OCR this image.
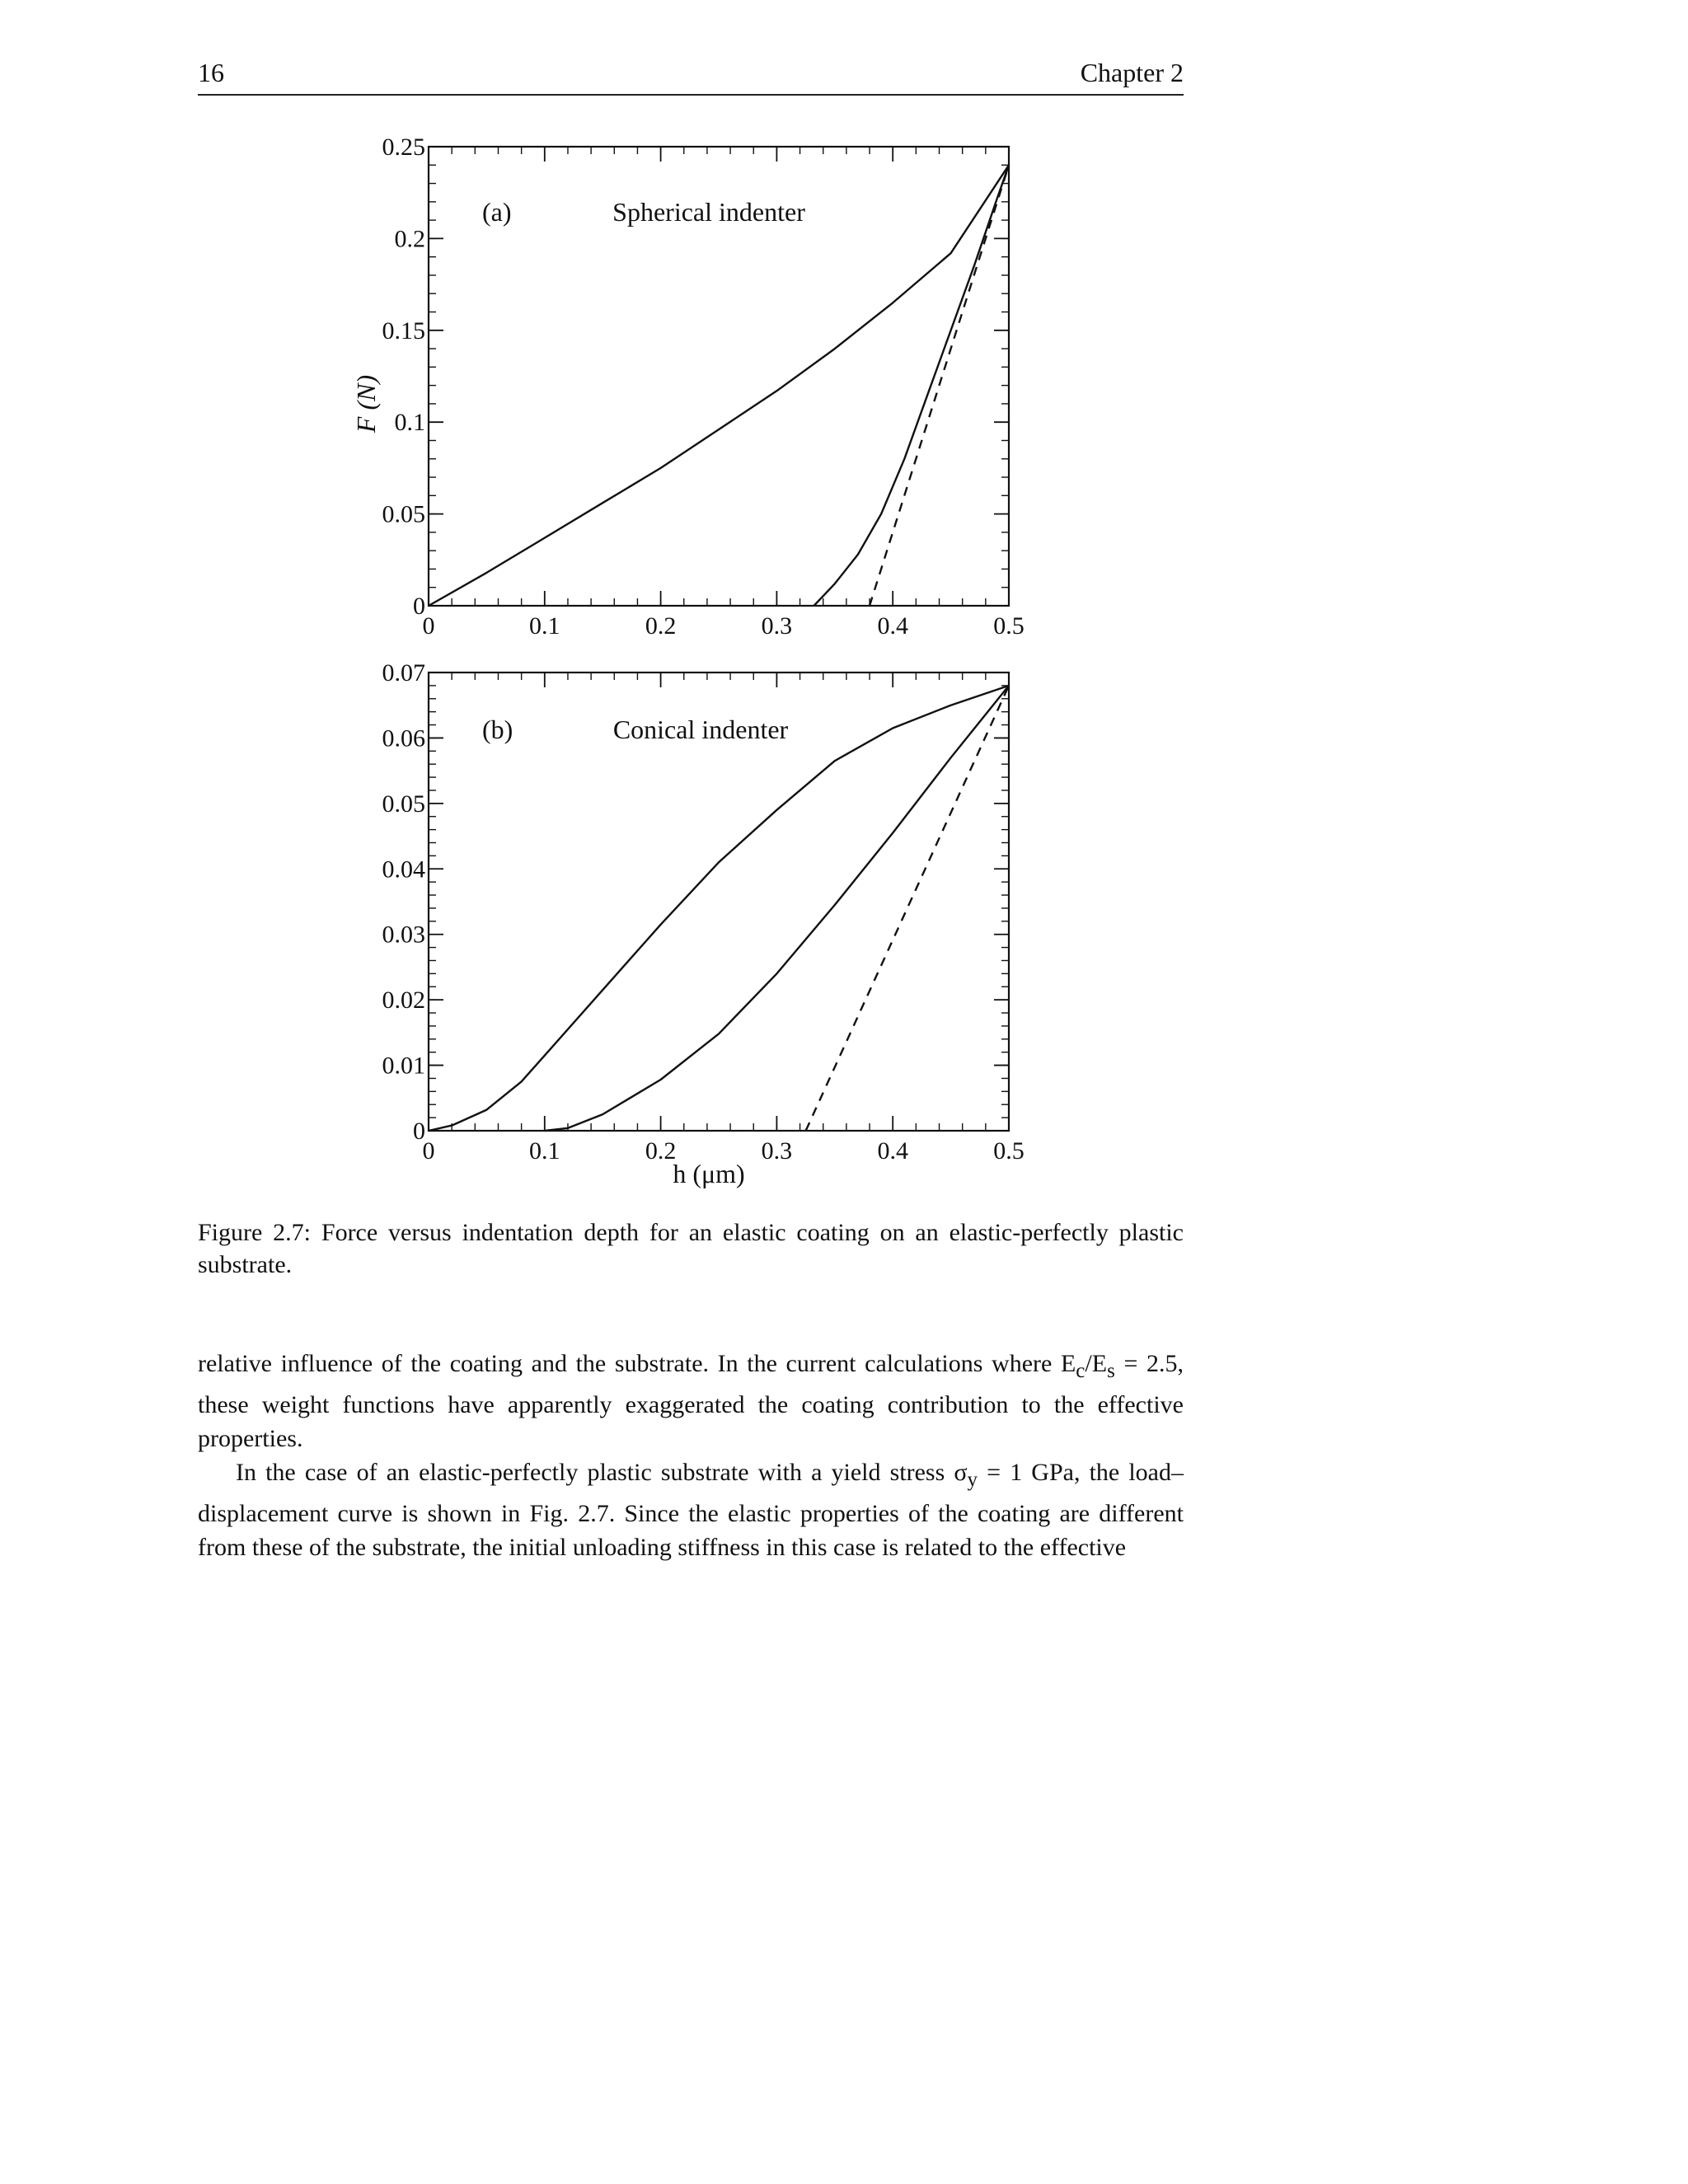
16	Chapter 2
0	0.1	0.2	0.3	0.4	0.5
0
0.05
0.1
0.15
0.2
0.25
(a)	Spherical indenter
0	0.1	0.2	0.3	0.4	0.5
0
0.01
0.02
0.03
0.04
0.05
0.06
0.07
(b)	Conical indenter
F (N)
h (μm)
Figure 2.7: Force versus indentation depth for an elastic coating on an elastic-perfectly plastic substrate.

relative influence of the coating and the substrate. In the current calculations where $E_c/E_s = 2.5$, these weight functions have apparently exaggerated the coating contribution to the effective properties.

In the case of an elastic-perfectly plastic substrate with a yield stress $\sigma_y = 1$ GPa, the load–displacement curve is shown in Fig. 2.7. Since the elastic properties of the coating are different from these of the substrate, the initial unloading stiffness in this case is related to the effective
